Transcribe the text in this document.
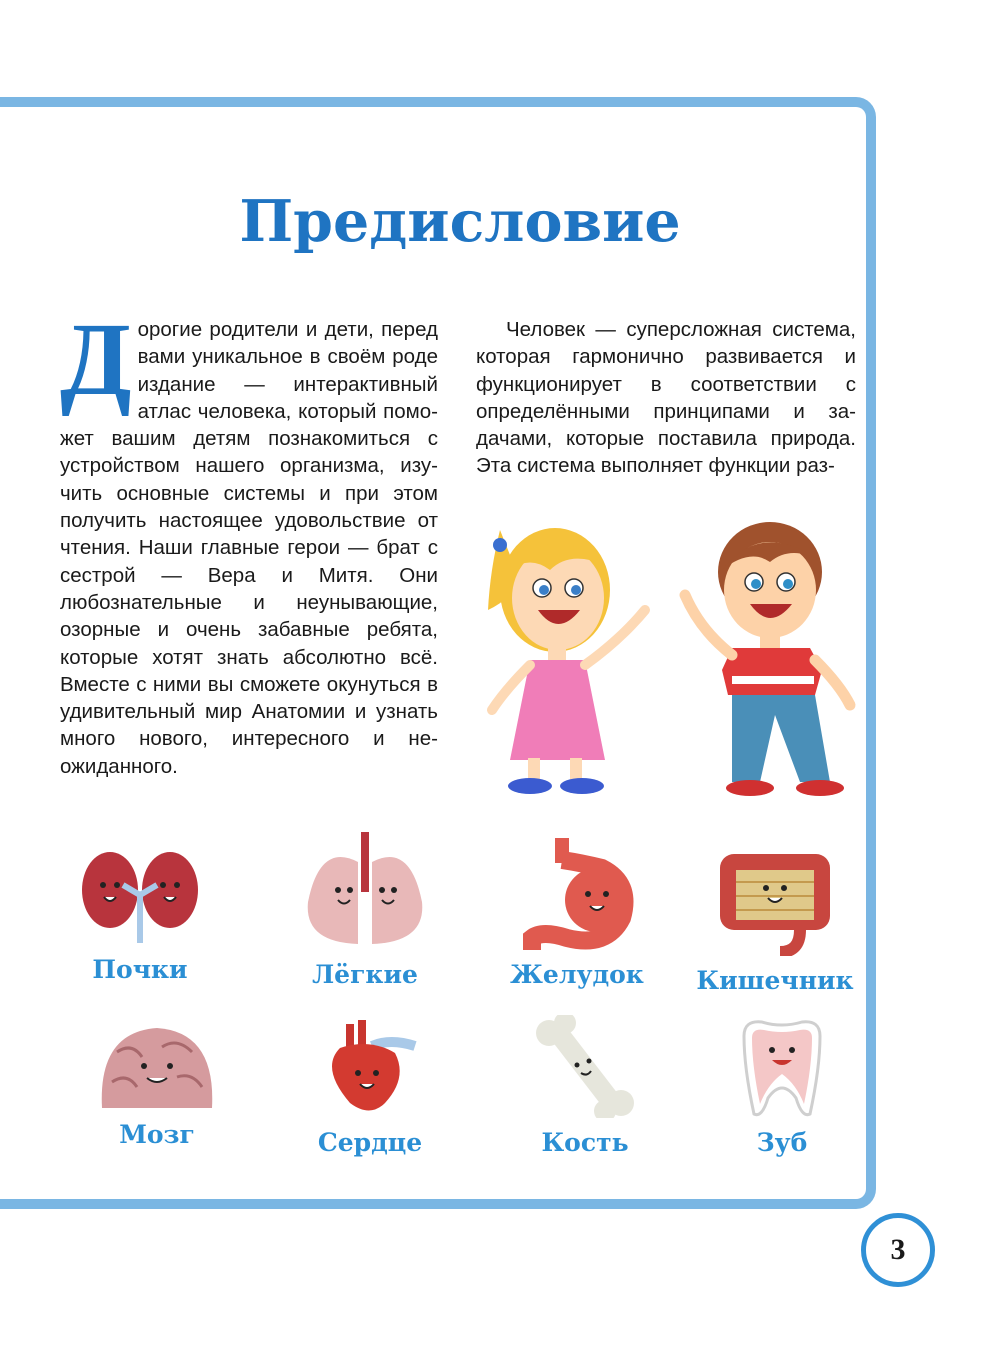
Предисловие

Дорогие родители и дети, перед вами уникальное в своём роде издание — интерактивный атлас человека, который поможет вашим детям познакомиться с устройством нашего организма, изучить основные системы и при этом получить настоящее удовольствие от чтения. Наши главные герои — брат с сестрой — Вера и Митя. Они любознательные и неунывающие, озорные и очень забавные ребята, которые хотят знать абсолютно всё. Вместе с ними вы сможете окунуться в удивительный мир Анатомии и узнать много нового, интересного и неожиданного.

Человек — суперсложная система, которая гармонично развивается и функционирует в соответствии с определёнными принципами и задачами, которые поставила природа. Эта система выполняет функции раз-

Почки	Лёгкие	Желудок	Кишечник
Мозг	Сердце	Кость	Зуб
3
